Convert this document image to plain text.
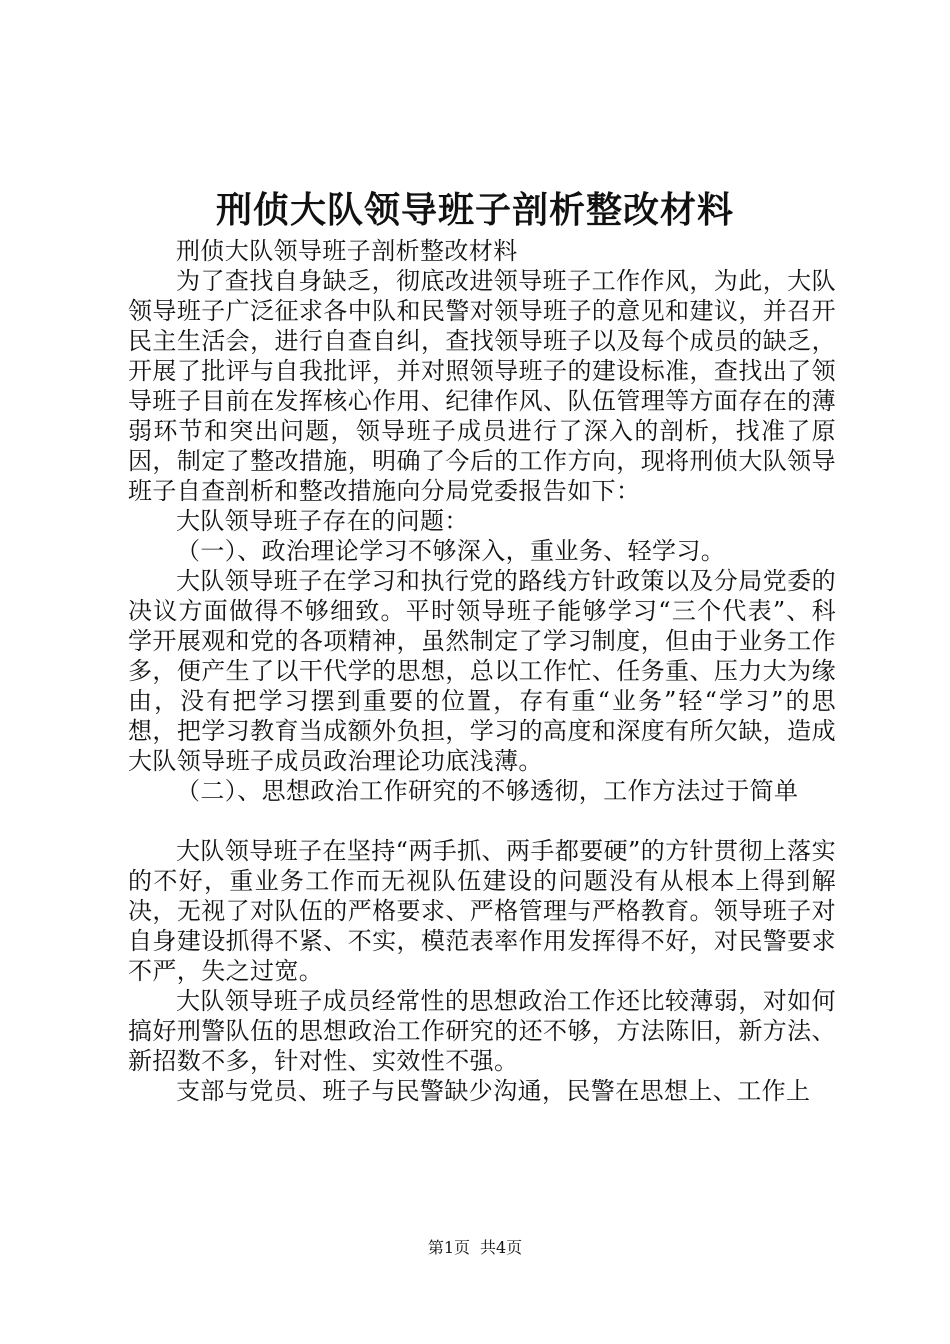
刑侦大队领导班子剖析整改材料

刑侦大队领导班子剖析整改材料

为了查找自身缺乏，彻底改进领导班子工作作风，为此，大队领导班子广泛征求各中队和民警对领导班子的意见和建议，并召开民主生活会，进行自查自纠，查找领导班子以及每个成员的缺乏，开展了批评与自我批评，并对照领导班子的建设标准，查找出了领导班子目前在发挥核心作用、纪律作风、队伍管理等方面存在的薄弱环节和突出问题，领导班子成员进行了深入的剖析，找准了原因，制定了整改措施，明确了今后的工作方向，现将刑侦大队领导班子自查剖析和整改措施向分局党委报告如下：

大队领导班子存在的问题：

（一）、政治理论学习不够深入，重业务、轻学习。

大队领导班子在学习和执行党的路线方针政策以及分局党委的决议方面做得不够细致。平时领导班子能够学习“三个代表”、科学开展观和党的各项精神，虽然制定了学习制度，但由于业务工作多，便产生了以干代学的思想，总以工作忙、任务重、压力大为缘由，没有把学习摆到重要的位置，存有重“业务”轻“学习”的思想，把学习教育当成额外负担，学习的高度和深度有所欠缺，造成大队领导班子成员政治理论功底浅薄。

（二）、思想政治工作研究的不够透彻，工作方法过于简单

大队领导班子在坚持“两手抓、两手都要硬”的方针贯彻上落实的不好，重业务工作而无视队伍建设的问题没有从根本上得到解决，无视了对队伍的严格要求、严格管理与严格教育。领导班子对自身建设抓得不紧、不实，模范表率作用发挥得不好，对民警要求不严，失之过宽。

大队领导班子成员经常性的思想政治工作还比较薄弱，对如何搞好刑警队伍的思想政治工作研究的还不够，方法陈旧，新方法、新招数不多，针对性、实效性不强。

支部与党员、班子与民警缺少沟通，民警在思想上、工作上

第1页 共4页
